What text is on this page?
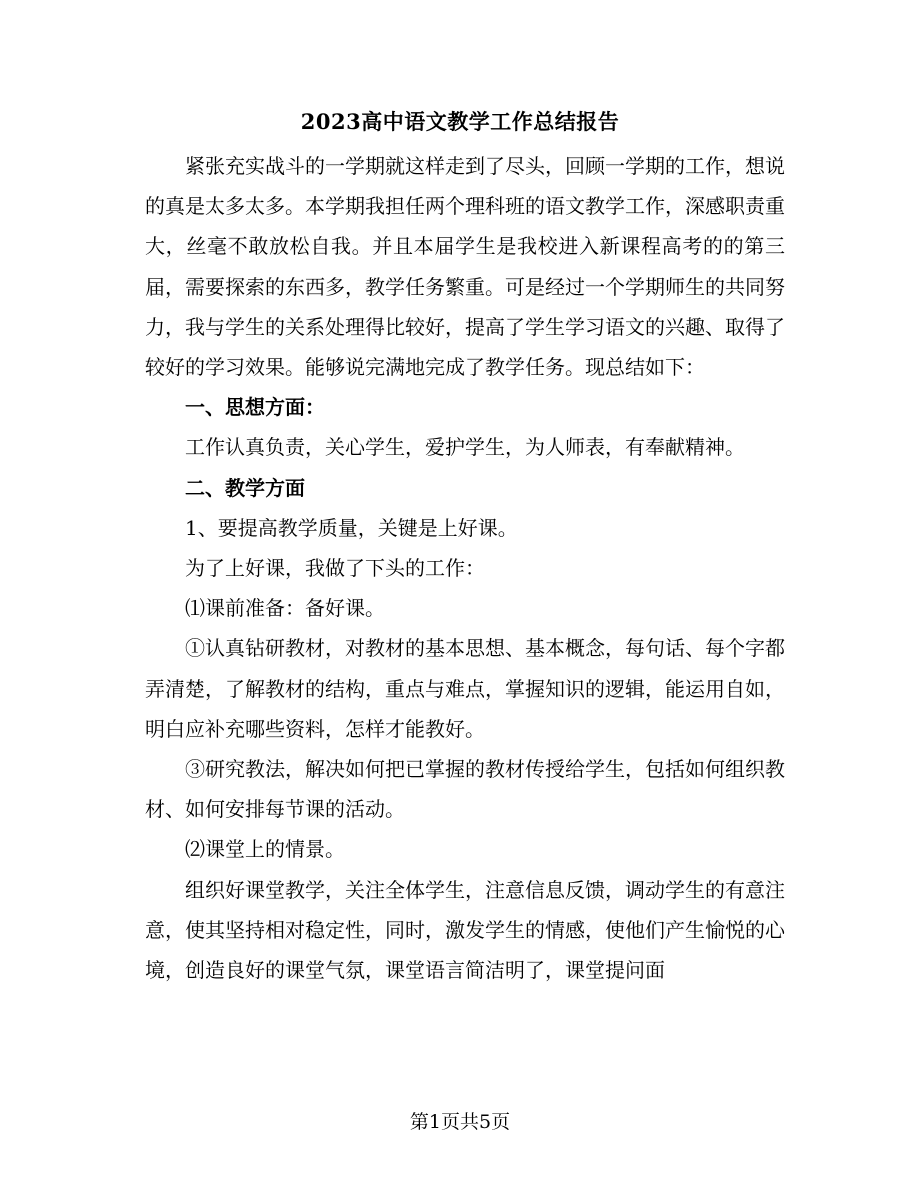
2023高中语文教学工作总结报告

紧张充实战斗的一学期就这样走到了尽头，回顾一学期的工作，想说的真是太多太多。本学期我担任两个理科班的语文教学工作，深感职责重大，丝毫不敢放松自我。并且本届学生是我校进入新课程高考的的第三届，需要探索的东西多，教学任务繁重。可是经过一个学期师生的共同努力，我与学生的关系处理得比较好，提高了学生学习语文的兴趣、取得了较好的学习效果。能够说完满地完成了教学任务。现总结如下：

一、思想方面：

工作认真负责，关心学生，爱护学生，为人师表，有奉献精神。

二、教学方面

1、要提高教学质量，关键是上好课。

为了上好课，我做了下头的工作：

⑴课前准备：备好课。

①认真钻研教材，对教材的基本思想、基本概念，每句话、每个字都弄清楚，了解教材的结构，重点与难点，掌握知识的逻辑，能运用自如，明白应补充哪些资料，怎样才能教好。

③研究教法，解决如何把已掌握的教材传授给学生，包括如何组织教材、如何安排每节课的活动。

⑵课堂上的情景。

组织好课堂教学，关注全体学生，注意信息反馈，调动学生的有意注意，使其坚持相对稳定性，同时，激发学生的情感，使他们产生愉悦的心境，创造良好的课堂气氛，课堂语言简洁明了，课堂提问面

第1页共5页
